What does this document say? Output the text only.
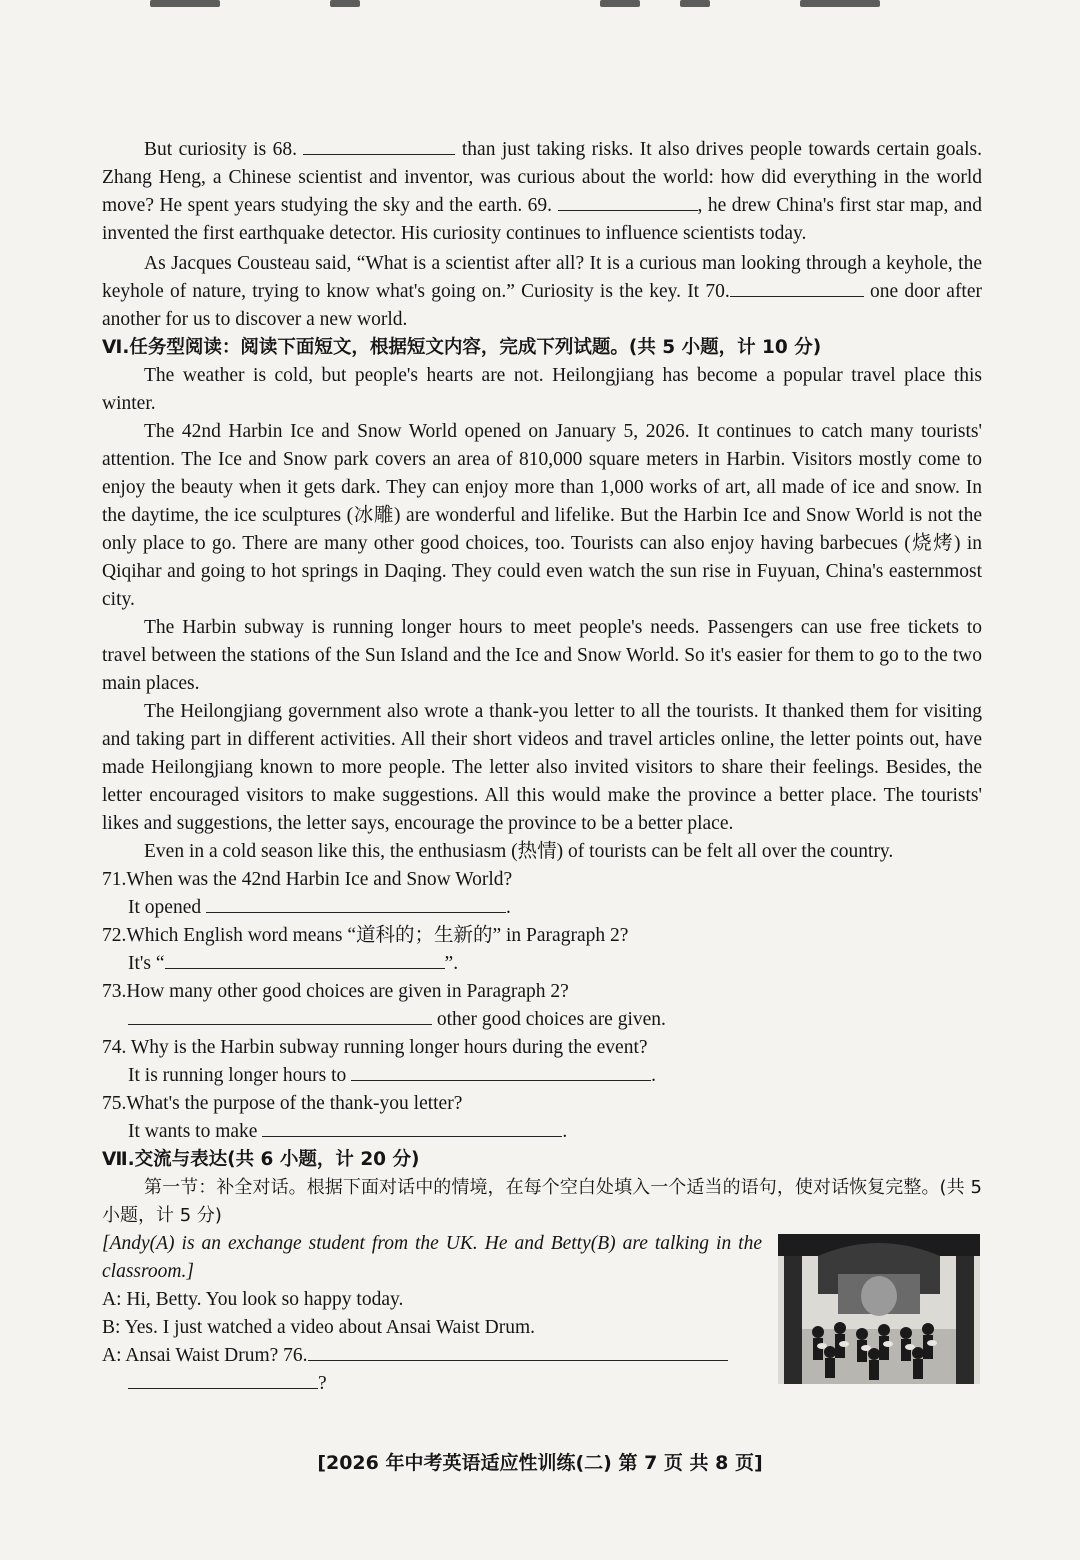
But curiosity is 68.	than just taking risks. It also drives people towards certain goals. Zhang Heng, a Chinese scientist and inventor, was curious about the world: how did everything in the world move? He spent years studying the sky and the earth. 69.	, he drew China's first star map, and invented the first earthquake detector. His curiosity continues to influence scientists today.

As Jacques Cousteau said, “What is a scientist after all? It is a curious man looking through a keyhole, the keyhole of nature, trying to know what's going on.” Curiosity is the key. It 70.	one door after another for us to discover a new world.

Ⅵ.任务型阅读：阅读下面短文，根据短文内容，完成下列试题。(共 5 小题，计 10 分)

The weather is cold, but people's hearts are not. Heilongjiang has become a popular travel place this winter.

The 42nd Harbin Ice and Snow World opened on January 5, 2026. It continues to catch many tourists' attention. The Ice and Snow park covers an area of 810,000 square meters in Harbin. Visitors mostly come to enjoy the beauty when it gets dark. They can enjoy more than 1,000 works of art, all made of ice and snow. In the daytime, the ice sculptures (冰雕) are wonderful and lifelike. But the Harbin Ice and Snow World is not the only place to go. There are many other good choices, too. Tourists can also enjoy having barbecues (烧烤) in Qiqihar and going to hot springs in Daqing. They could even watch the sun rise in Fuyuan, China's easternmost city.

The Harbin subway is running longer hours to meet people's needs. Passengers can use free tickets to travel between the stations of the Sun Island and the Ice and Snow World. So it's easier for them to go to the two main places.

The Heilongjiang government also wrote a thank-you letter to all the tourists. It thanked them for visiting and taking part in different activities. All their short videos and travel articles online, the letter points out, have made Heilongjiang known to more people. The letter also invited visitors to share their feelings. Besides, the letter encouraged visitors to make suggestions. All this would make the province a better place. The tourists' likes and suggestions, the letter says, encourage the province to be a better place.

Even in a cold season like this, the enthusiasm (热情) of tourists can be felt all over the country.

71.When was the 42nd Harbin Ice and Snow World?
It opened	.
72.Which English word means “道科的；生新的” in Paragraph 2?
It's “	”.
73.How many other good choices are given in Paragraph 2?
other good choices are given.
74. Why is the Harbin subway running longer hours during the event?
It is running longer hours to	.
75.What's the purpose of the thank-you letter?
It wants to make	.
Ⅶ.交流与表达(共 6 小题，计 20 分)

第一节：补全对话。根据下面对话中的情境，在每个空白处填入一个适当的语句，使对话恢复完整。(共 5 小题，计 5 分)

[Andy(A) is an exchange student from the UK. He and Betty(B) are talking in the classroom.]

A: Hi, Betty. You look so happy today.

B: Yes. I just watched a video about Ansai Waist Drum.

A: Ansai Waist Drum? 76.

?

[2026 年中考英语适应性训练(二) 第 7 页 共 8 页]
